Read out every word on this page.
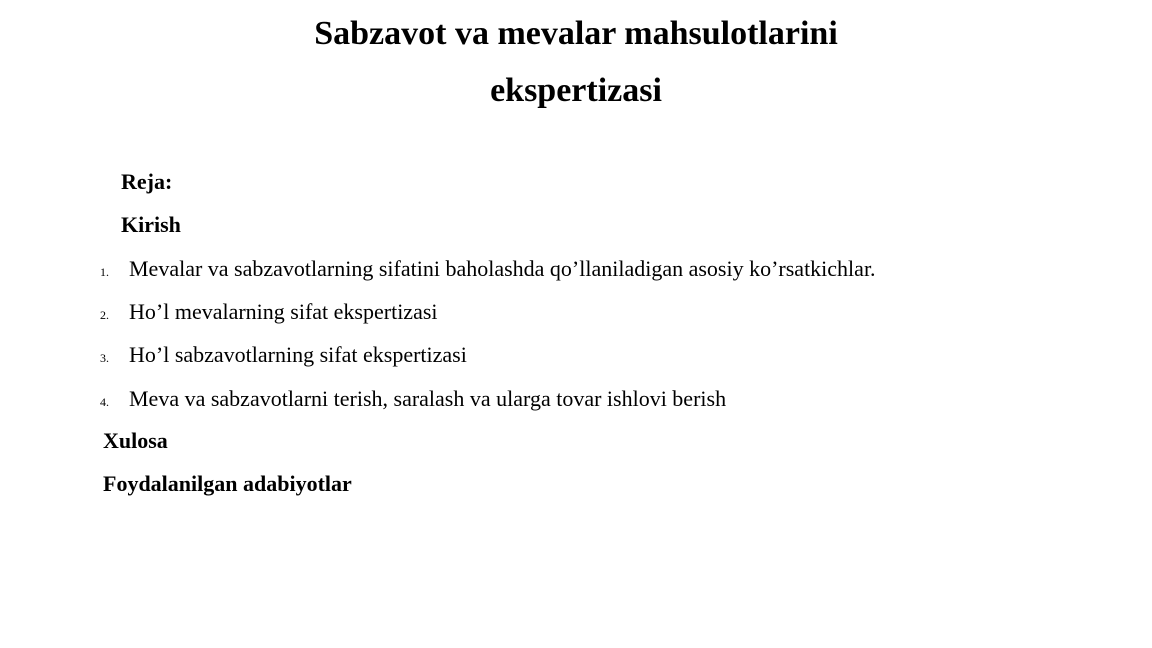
Sabzavot va mevalar mahsulotlarini
ekspertizasi

Reja:

Kirish

1. Mevalar va sabzavotlarning sifatini baholashda qo’llaniladigan asosiy ko’rsatkichlar.
2. Ho’l mevalarning sifat ekspertizasi
3. Ho’l sabzavotlarning sifat ekspertizasi
4. Meva va sabzavotlarni terish, saralash va ularga tovar ishlovi berish

Xulosa

Foydalanilgan adabiyotlar
